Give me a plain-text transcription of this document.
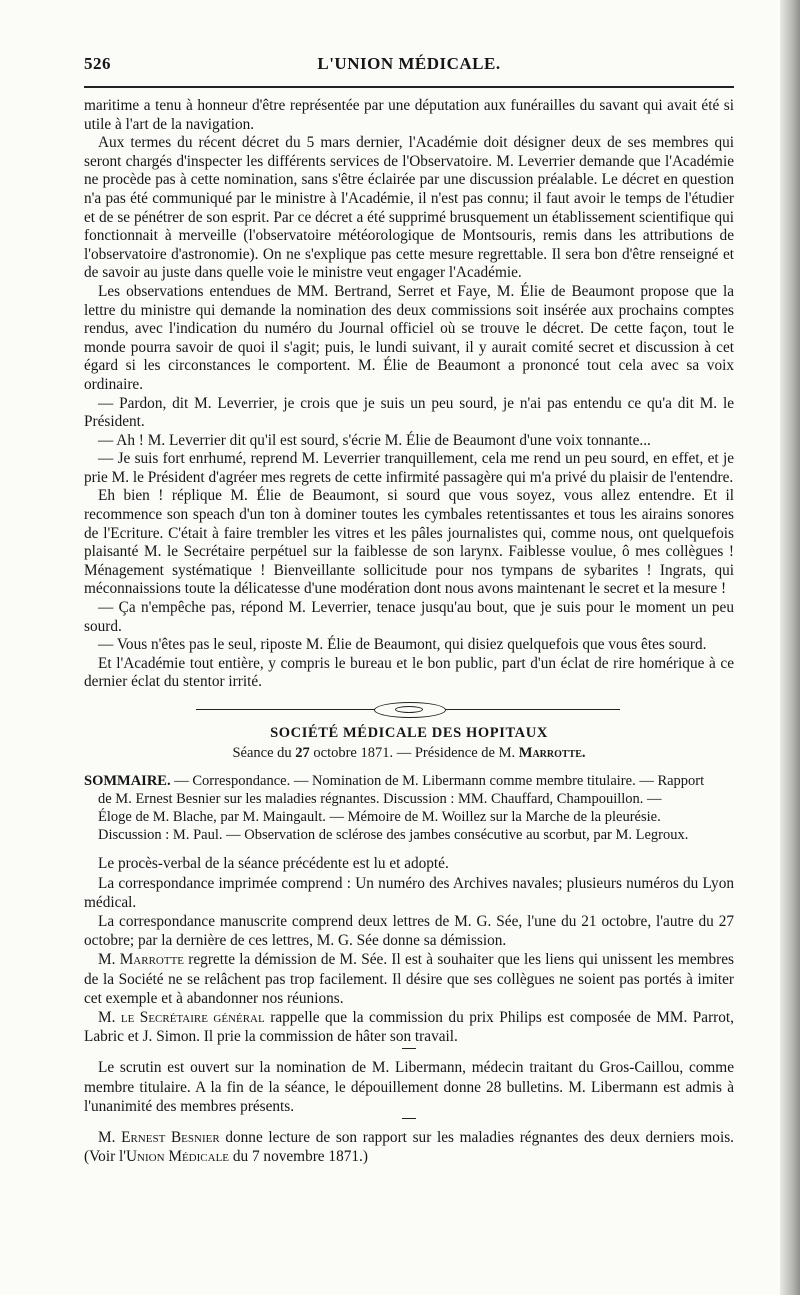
526	L'UNION MÉDICALE.

maritime a tenu à honneur d'être représentée par une députation aux funérailles du savant qui avait été si utile à l'art de la navigation.

Aux termes du récent décret du 5 mars dernier, l'Académie doit désigner deux de ses membres qui seront chargés d'inspecter les différents services de l'Observatoire. M. Leverrier demande que l'Académie ne procède pas à cette nomination, sans s'être éclairée par une discussion préalable. Le décret en question n'a pas été communiqué par le ministre à l'Académie, il n'est pas connu; il faut avoir le temps de l'étudier et de se pénétrer de son esprit. Par ce décret a été supprimé brusquement un établissement scientifique qui fonctionnait à merveille (l'observatoire météorologique de Montsouris, remis dans les attributions de l'observatoire d'astronomie). On ne s'explique pas cette mesure regrettable. Il sera bon d'être renseigné et de savoir au juste dans quelle voie le ministre veut engager l'Académie.

Les observations entendues de MM. Bertrand, Serret et Faye, M. Élie de Beaumont propose que la lettre du ministre qui demande la nomination des deux commissions soit insérée aux prochains comptes rendus, avec l'indication du numéro du Journal officiel où se trouve le décret. De cette façon, tout le monde pourra savoir de quoi il s'agit; puis, le lundi suivant, il y aurait comité secret et discussion à cet égard si les circonstances le comportent. M. Élie de Beaumont a prononcé tout cela avec sa voix ordinaire.

— Pardon, dit M. Leverrier, je crois que je suis un peu sourd, je n'ai pas entendu ce qu'a dit M. le Président.

— Ah ! M. Leverrier dit qu'il est sourd, s'écrie M. Élie de Beaumont d'une voix tonnante...

— Je suis fort enrhumé, reprend M. Leverrier tranquillement, cela me rend un peu sourd, en effet, et je prie M. le Président d'agréer mes regrets de cette infirmité passagère qui m'a privé du plaisir de l'entendre.

Eh bien ! réplique M. Élie de Beaumont, si sourd que vous soyez, vous allez entendre. Et il recommence son speach d'un ton à dominer toutes les cymbales retentissantes et tous les airains sonores de l'Ecriture. C'était à faire trembler les vitres et les pâles journalistes qui, comme nous, ont quelquefois plaisanté M. le Secrétaire perpétuel sur la faiblesse de son larynx. Faiblesse voulue, ô mes collègues ! Ménagement systématique ! Bienveillante sollicitude pour nos tympans de sybarites ! Ingrats, qui méconnaissions toute la délicatesse d'une modération dont nous avons maintenant le secret et la mesure !

— Ça n'empêche pas, répond M. Leverrier, tenace jusqu'au bout, que je suis pour le moment un peu sourd.

— Vous n'êtes pas le seul, riposte M. Élie de Beaumont, qui disiez quelquefois que vous êtes sourd.

Et l'Académie tout entière, y compris le bureau et le bon public, part d'un éclat de rire homérique à ce dernier éclat du stentor irrité.

SOCIÉTÉ MÉDICALE DES HOPITAUX
Séance du 27 octobre 1871. — Présidence de M. Marrotte.

SOMMAIRE. — Correspondance. — Nomination de M. Libermann comme membre titulaire. — Rapport

de M. Ernest Besnier sur les maladies régnantes. Discussion : MM. Chauffard, Champouillon. —

Éloge de M. Blache, par M. Maingault. — Mémoire de M. Woillez sur la Marche de la pleurésie.

Discussion : M. Paul. — Observation de sclérose des jambes consécutive au scorbut, par M. Legroux.

Le procès-verbal de la séance précédente est lu et adopté.

La correspondance imprimée comprend : Un numéro des Archives navales; plusieurs numéros du Lyon médical.

La correspondance manuscrite comprend deux lettres de M. G. Sée, l'une du 21 octobre, l'autre du 27 octobre; par la dernière de ces lettres, M. G. Sée donne sa démission.

M. Marrotte regrette la démission de M. Sée. Il est à souhaiter que les liens qui unissent les membres de la Société ne se relâchent pas trop facilement. Il désire que ses collègues ne soient pas portés à imiter cet exemple et à abandonner nos réunions.

M. le Secrétaire général rappelle que la commission du prix Philips est composée de MM. Parrot, Labric et J. Simon. Il prie la commission de hâter son travail.

Le scrutin est ouvert sur la nomination de M. Libermann, médecin traitant du Gros-Caillou, comme membre titulaire. A la fin de la séance, le dépouillement donne 28 bulletins. M. Libermann est admis à l'unanimité des membres présents.

M. Ernest Besnier donne lecture de son rapport sur les maladies régnantes des deux derniers mois. (Voir l'Union Médicale du 7 novembre 1871.)
